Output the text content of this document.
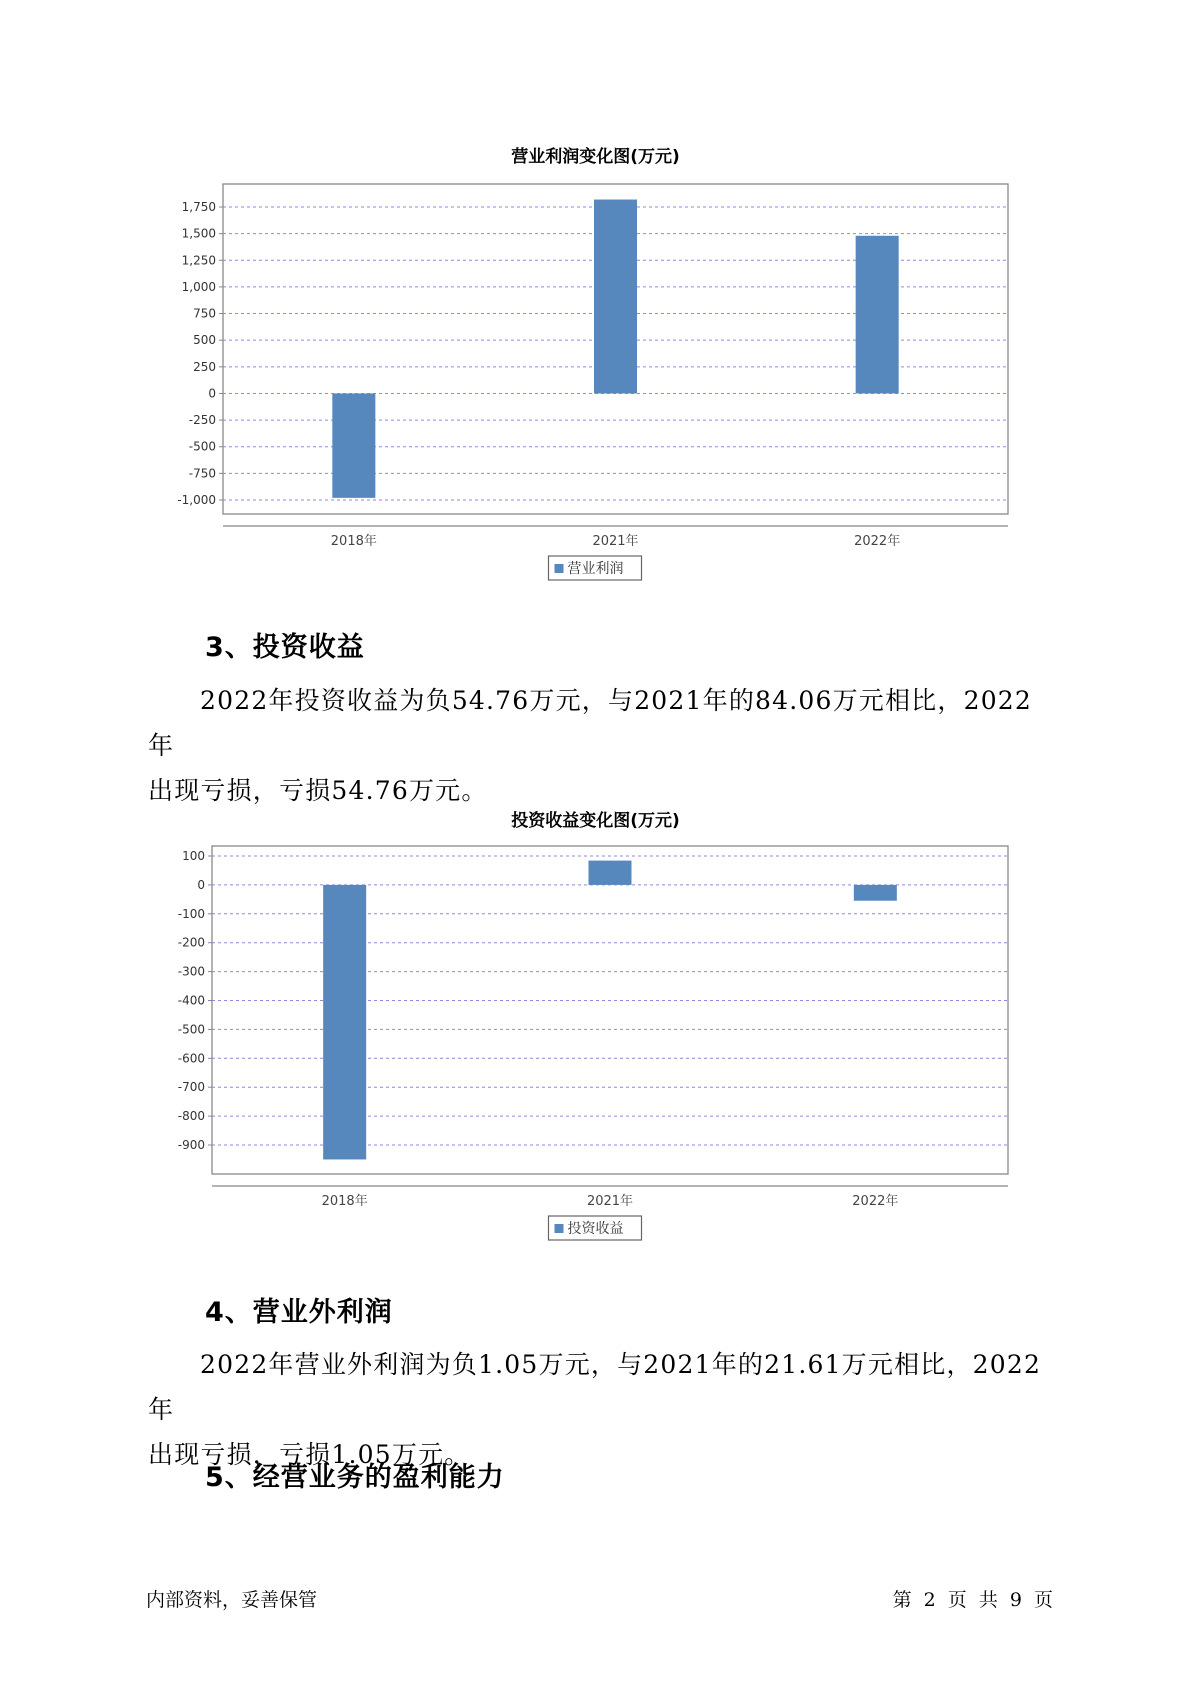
营业利润变化图(万元)
1,750
1,500
1,250
1,000
750
500
250
0
-250
-500
-750
-1,000
2018年	2021年	2022年
营业利润
3、投资收益

2022年投资收益为负54.76万元，与2021年的84.06万元相比，2022年
出现亏损，亏损54.76万元。

投资收益变化图(万元)
100
0
-100
-200
-300
-400
-500
-600
-700
-800
-900
2018年	2021年	2022年
投资收益
4、营业外利润

2022年营业外利润为负1.05万元，与2021年的21.61万元相比，2022年
出现亏损，亏损1.05万元。

5、经营业务的盈利能力
内部资料，妥善保管	第 2 页 共 9 页
